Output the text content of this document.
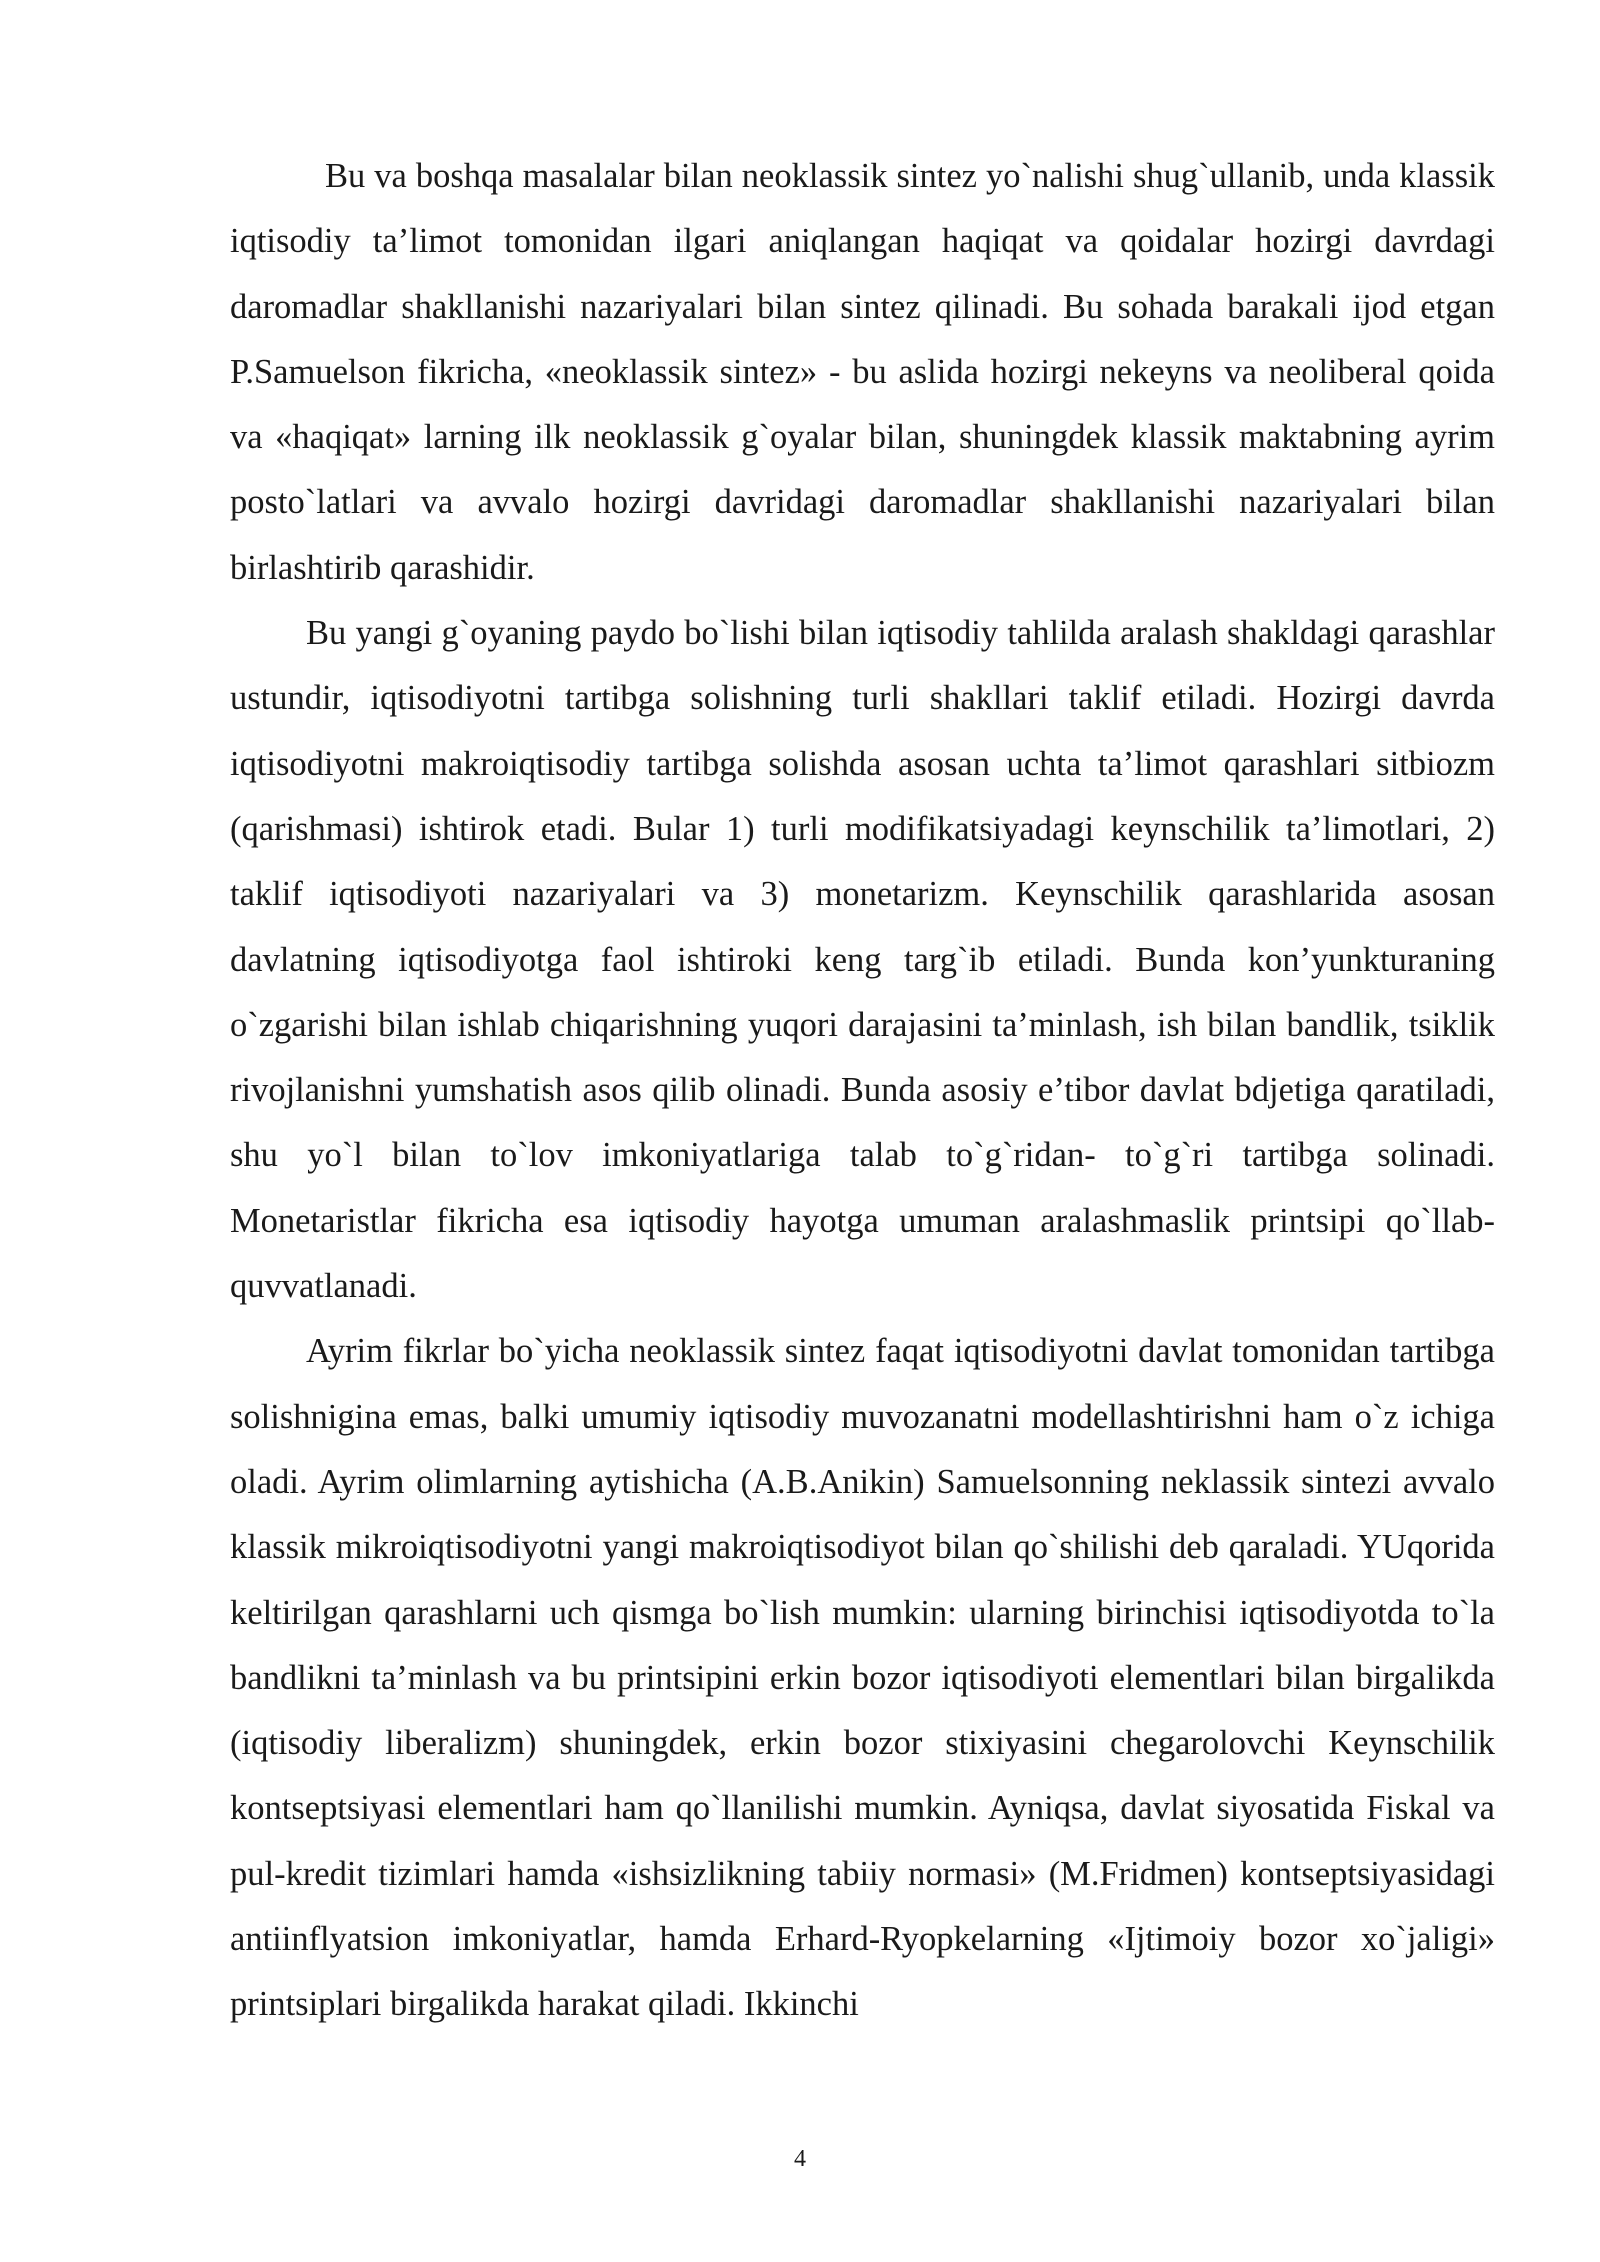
Bu va boshqa masalalar bilan neoklassik sintez yo`nalishi shug`ullanib, unda klassik iqtisodiy ta’limot tomonidan ilgari aniqlangan haqiqat va qoidalar hozirgi davrdagi daromadlar shakllanishi nazariyalari bilan sintez qilinadi. Bu sohada barakali ijod etgan P.Samuelson fikricha, «neoklassik sintez» - bu aslida hozirgi nekeyns va neoliberal qoida va «haqiqat» larning ilk neoklassik g`oyalar bilan, shuningdek klassik maktabning ayrim posto`latlari va avvalo hozirgi davridagi daromadlar shakllanishi nazariyalari bilan birlashtirib qarashidir.

Bu yangi g`oyaning paydo bo`lishi bilan iqtisodiy tahlilda aralash shakldagi qarashlar ustundir, iqtisodiyotni tartibga solishning turli shakllari taklif etiladi. Hozirgi davrda iqtisodiyotni makroiqtisodiy tartibga solishda asosan uchta ta’limot qarashlari sitbiozm (qarishmasi) ishtirok etadi. Bular 1) turli modifikatsiyadagi keynschilik ta’limotlari, 2) taklif iqtisodiyoti nazariyalari va 3) monetarizm. Keynschilik qarashlarida asosan davlatning iqtisodiyotga faol ishtiroki keng targ`ib etiladi. Bunda kon’yunkturaning o`zgarishi bilan ishlab chiqarishning yuqori darajasini ta’minlash, ish bilan bandlik, tsiklik rivojlanishni yumshatish asos qilib olinadi. Bunda asosiy e’tibor davlat bdjetiga qaratiladi, shu yo`l bilan to`lov imkoniyatlariga talab to`g`ridan- to`g`ri tartibga solinadi. Monetaristlar fikricha esa iqtisodiy hayotga umuman aralashmaslik printsipi qo`llab-quvvatlanadi.

Ayrim fikrlar bo`yicha neoklassik sintez faqat iqtisodiyotni davlat tomonidan tartibga solishnigina emas, balki umumiy iqtisodiy muvozanatni modellashtirishni ham o`z ichiga oladi. Ayrim olimlarning aytishicha (A.B.Anikin) Samuelsonning neklassik sintezi avvalo klassik mikroiqtisodiyotni yangi makroiqtisodiyot bilan qo`shilishi deb qaraladi. YUqorida keltirilgan qarashlarni uch qismga bo`lish mumkin: ularning birinchisi iqtisodiyotda to`la bandlikni ta’minlash va bu printsipini erkin bozor iqtisodiyoti elementlari bilan birgalikda (iqtisodiy liberalizm) shuningdek, erkin bozor stixiyasini chegarolovchi Keynschilik kontseptsiyasi elementlari ham qo`llanilishi mumkin. Ayniqsa, davlat siyosatida Fiskal va pul-kredit tizimlari hamda «ishsizlikning tabiiy normasi» (M.Fridmen) kontseptsiyasidagi antiinflyatsion imkoniyatlar, hamda Erhard-Ryopkelarning «Ijtimoiy bozor xo`jaligi» printsiplari birgalikda harakat qiladi. Ikkinchi

4
